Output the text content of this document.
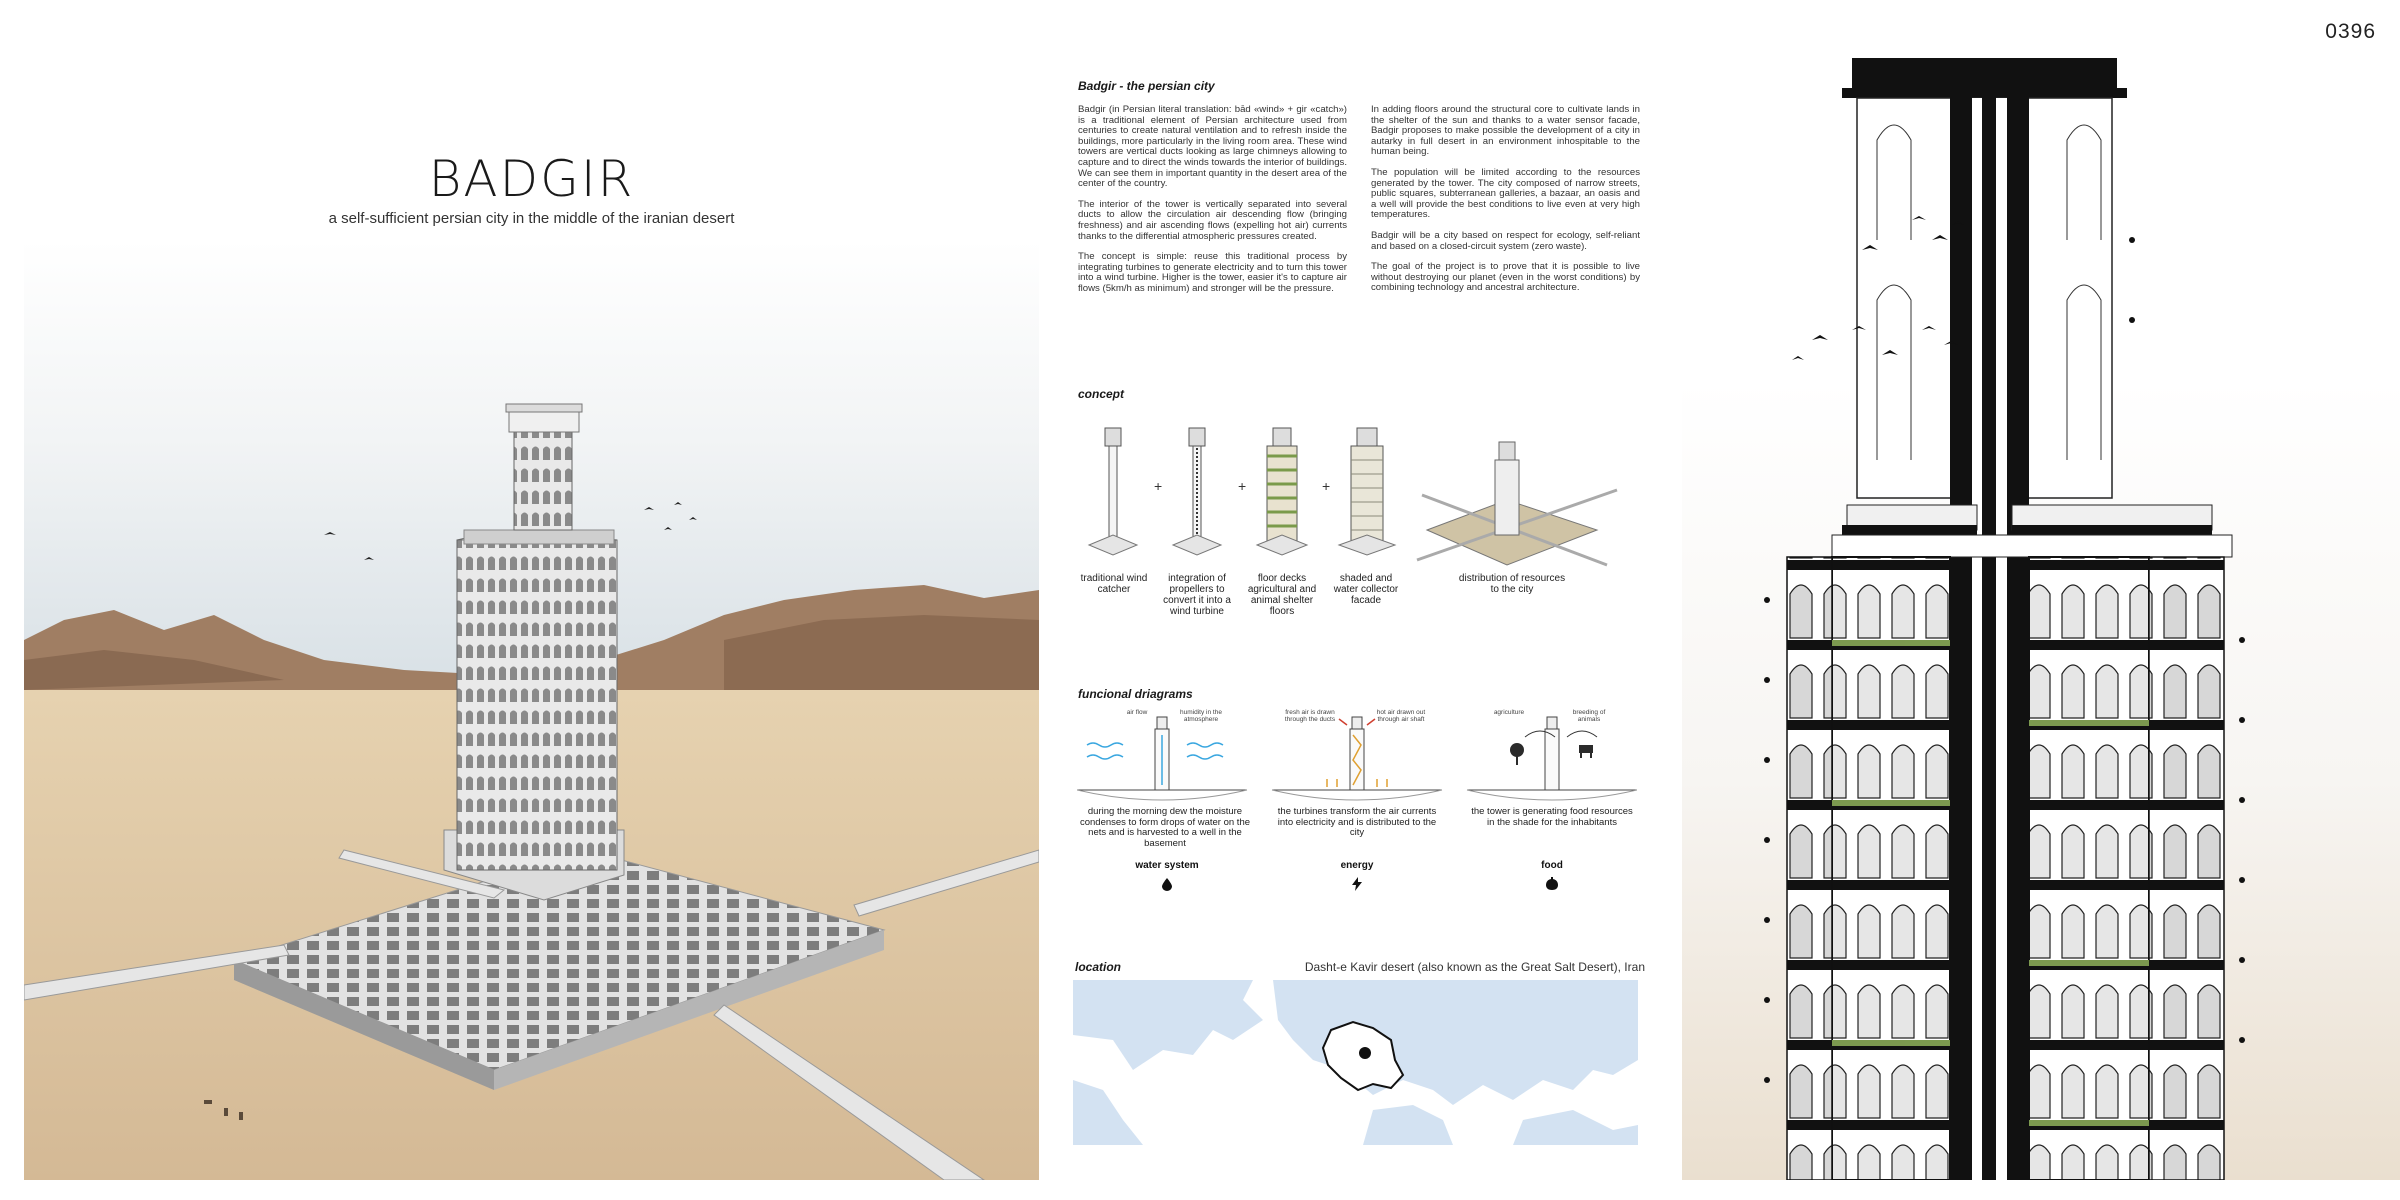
BADGIR
a self-sufficient persian city in the middle of the iranian desert
Badgir - the persian city

Badgir (in Persian literal translation: bād «wind» + gir «catch») is a traditional element of Persian architecture used from centuries to create natural ventilation and to refresh inside the buildings, more particularly in the living room area. These wind towers are vertical ducts looking as large chimneys allowing to capture and to direct the winds towards the interior of buildings. We can see them in important quantity in the desert area of the center of the country.

The interior of the tower is vertically separated into several ducts to allow the circulation air descending flow (bringing freshness) and air ascending flows (expelling hot air) currents thanks to the differential atmospheric pressures created.

The concept is simple: reuse this traditional process by integrating turbines to generate electricity and to turn this tower into a wind turbine. Higher is the tower, easier it's to capture air flows (5km/h as minimum) and stronger will be the pressure.

In adding floors around the structural core to cultivate lands in the shelter of the sun and thanks to a water sensor facade, Badgir proposes to make possible the development of a city in autarky in full desert in an environment inhospitable to the human being.

The population will be limited according to the resources generated by the tower. The city composed of narrow streets, public squares, subterranean galleries, a bazaar, an oasis and a well will provide the best conditions to live even at very high temperatures.

Badgir will be a city based on respect for ecology, self-reliant and based on a closed-circuit system (zero waste).

The goal of the project is to prove that it is possible to live without destroying our planet (even in the worst conditions) by combining technology and ancestral architecture.

concept
+	+	+
traditional wind catcher
integration of propellers to convert it into a wind turbine
floor decks agricultural and animal shelter floors
shaded and water collector facade
distribution of resources to the city
funcional driagrams
air flow	humidity in the atmosphere
fresh air is drawn through the ducts
hot air drawn out through air shaft
agriculture	breeding of animals
during the morning dew the moisture condenses to form drops of water on the nets and is harvested to a well in the basement
the turbines transform the air currents into electricity and is distributed to the city
the tower is generating food resources in the shade for the inhabitants
water system	energy	food
location	Dasht-e Kavir desert (also known as the Great Salt Desert), Iran
0396
